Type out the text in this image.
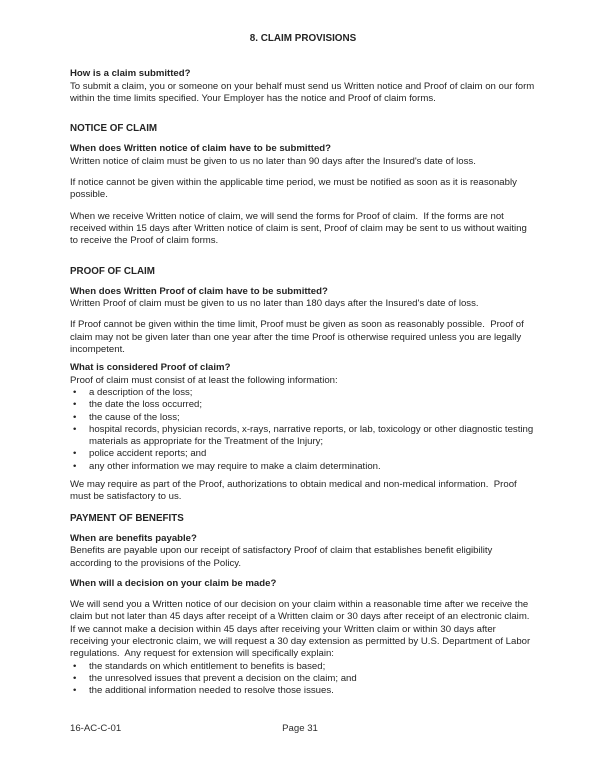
8. CLAIM PROVISIONS

How is a claim submitted?

To submit a claim, you or someone on your behalf must send us Written notice and Proof of claim on our form within the time limits specified. Your Employer has the notice and Proof of claim forms.

NOTICE OF CLAIM

When does Written notice of claim have to be submitted?

Written notice of claim must be given to us no later than 90 days after the Insured's date of loss.

If notice cannot be given within the applicable time period, we must be notified as soon as it is reasonably possible.

When we receive Written notice of claim, we will send the forms for Proof of claim.  If the forms are not received within 15 days after Written notice of claim is sent, Proof of claim may be sent to us without waiting to receive the Proof of claim forms.

PROOF OF CLAIM

When does Written Proof of claim have to be submitted?

Written Proof of claim must be given to us no later than 180 days after the Insured's date of loss.

If Proof cannot be given within the time limit, Proof must be given as soon as reasonably possible.  Proof of claim may not be given later than one year after the time Proof is otherwise required unless you are legally incompetent.

What is considered Proof of claim?

Proof of claim must consist of at least the following information:

• a description of the loss;
• the date the loss occurred;
• the cause of the loss;
• hospital records, physician records, x-rays, narrative reports, or lab, toxicology or other diagnostic testing materials as appropriate for the Treatment of the Injury;
• police accident reports; and
• any other information we may require to make a claim determination.

We may require as part of the Proof, authorizations to obtain medical and non-medical information.  Proof must be satisfactory to us.

PAYMENT OF BENEFITS

When are benefits payable?

Benefits are payable upon our receipt of satisfactory Proof of claim that establishes benefit eligibility according to the provisions of the Policy.

When will a decision on your claim be made?

We will send you a Written notice of our decision on your claim within a reasonable time after we receive the claim but not later than 45 days after receipt of a Written claim or 30 days after receipt of an electronic claim. If we cannot make a decision within 45 days after receiving your Written claim or within 30 days after receiving your electronic claim, we will request a 30 day extension as permitted by U.S. Department of Labor regulations.  Any request for extension will specifically explain:

• the standards on which entitlement to benefits is based;
• the unresolved issues that prevent a decision on the claim; and
• the additional information needed to resolve those issues.
16-AC-C-01	Page 31
